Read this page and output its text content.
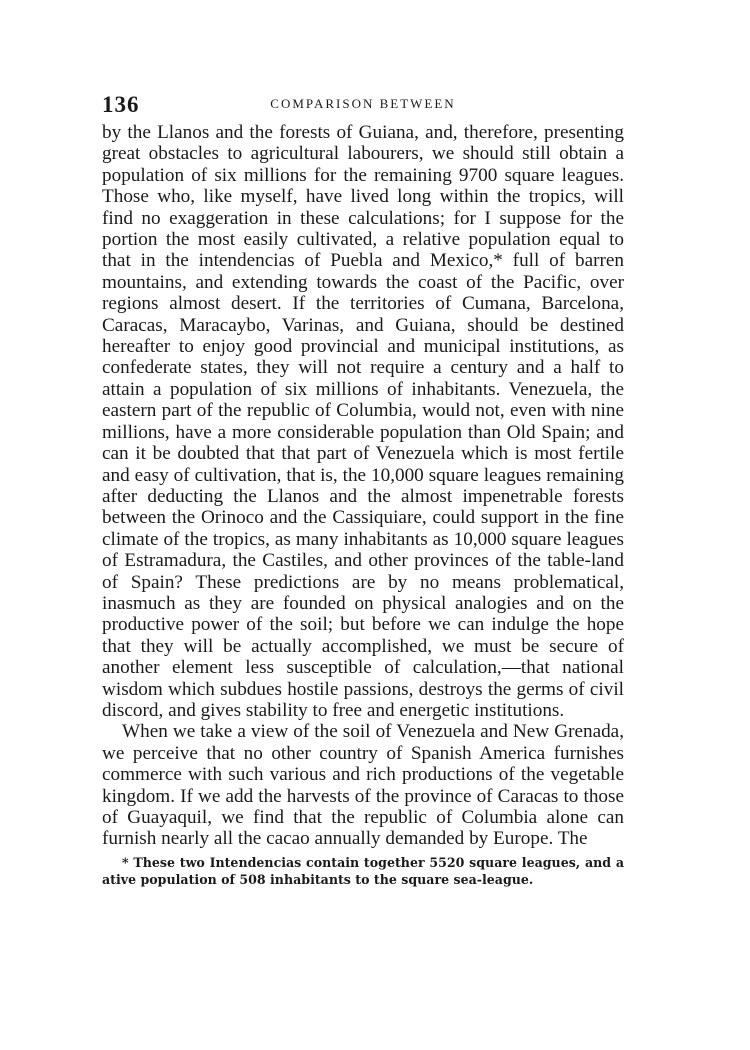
136	COMPARISON BETWEEN

by the Llanos and the forests of Guiana, and, therefore, presenting great obstacles to agricultural labourers, we should still obtain a population of six millions for the remaining 9700 square leagues. Those who, like myself, have lived long within the tropics, will find no exaggeration in these calculations; for I suppose for the portion the most easily cultivated, a relative population equal to that in the intendencias of Puebla and Mexico,* full of barren mountains, and extending towards the coast of the Pacific, over regions almost desert. If the territories of Cumana, Barcelona, Caracas, Maracaybo, Varinas, and Guiana, should be destined hereafter to enjoy good provincial and municipal institutions, as confederate states, they will not require a century and a half to attain a population of six millions of inhabitants. Venezuela, the eastern part of the republic of Columbia, would not, even with nine millions, have a more considerable population than Old Spain; and can it be doubted that that part of Venezuela which is most fertile and easy of cultivation, that is, the 10,000 square leagues remaining after deducting the Llanos and the almost impenetrable forests between the Orinoco and the Cassiquiare, could support in the fine climate of the tropics, as many inhabitants as 10,000 square leagues of Estramadura, the Castiles, and other provinces of the table-land of Spain? These predictions are by no means problematical, inasmuch as they are founded on physical analogies and on the productive power of the soil; but before we can indulge the hope that they will be actually accomplished, we must be secure of another element less susceptible of calculation,—that national wisdom which subdues hostile passions, destroys the germs of civil discord, and gives stability to free and energetic institutions.

When we take a view of the soil of Venezuela and New Grenada, we perceive that no other country of Spanish America furnishes commerce with such various and rich productions of the vegetable kingdom. If we add the harvests of the province of Caracas to those of Guayaquil, we find that the republic of Columbia alone can furnish nearly all the cacao annually demanded by Europe. The

* These two Intendencias contain together 5520 square leagues, and a ative population of 508 inhabitants to the square sea-league.
